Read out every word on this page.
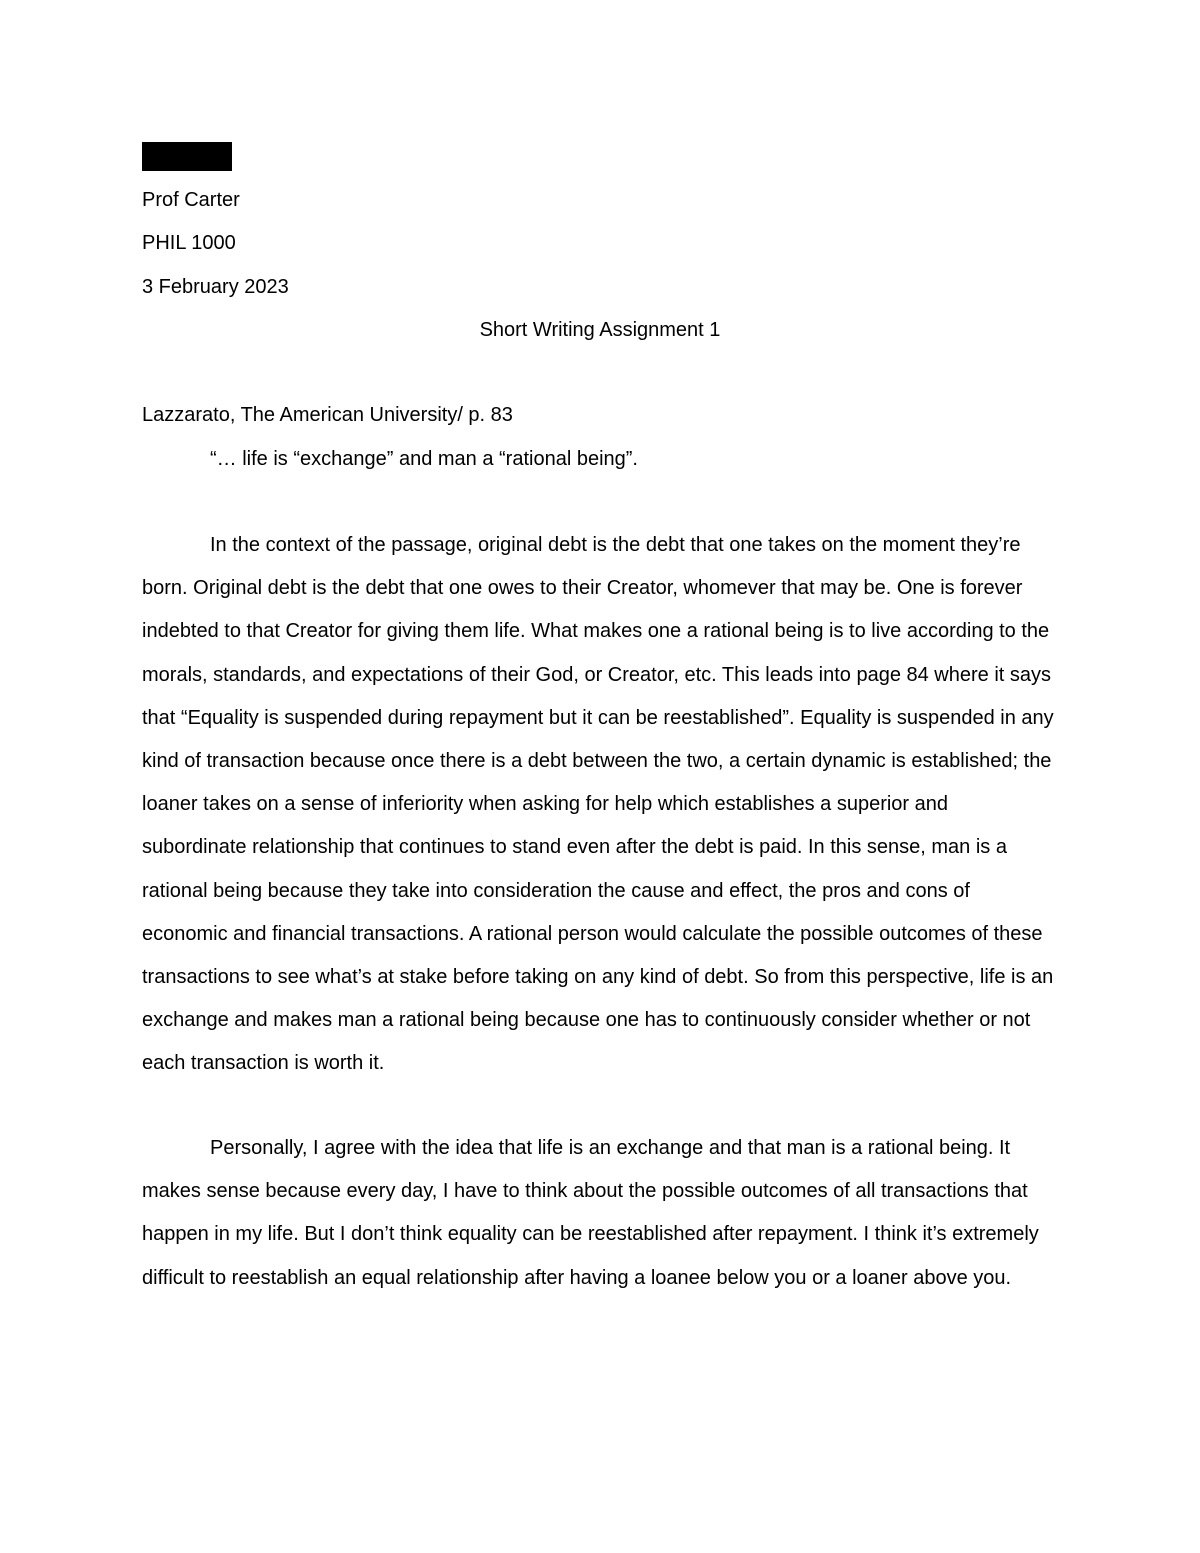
Prof Carter
PHIL 1000
3 February 2023
Short Writing Assignment 1
Lazzarato, The American University/ p. 83
“… life is “exchange” and man a “rational being”.
In the context of the passage, original debt is the debt that one takes on the moment they’re born. Original debt is the debt that one owes to their Creator, whomever that may be. One is forever indebted to that Creator for giving them life. What makes one a rational being is to live according to the morals, standards, and expectations of their God, or Creator, etc. This leads into page 84 where it says that “Equality is suspended during repayment but it can be reestablished”. Equality is suspended in any kind of transaction because once there is a debt between the two, a certain dynamic is established; the loaner takes on a sense of inferiority when asking for help which establishes a superior and subordinate relationship that continues to stand even after the debt is paid. In this sense, man is a rational being because they take into consideration the cause and effect, the pros and cons of economic and financial transactions. A rational person would calculate the possible outcomes of these transactions to see what’s at stake before taking on any kind of debt. So from this perspective, life is an exchange and makes man a rational being because one has to continuously consider whether or not each transaction is worth it.
Personally, I agree with the idea that life is an exchange and that man is a rational being. It makes sense because every day, I have to think about the possible outcomes of all transactions that happen in my life. But I don’t think equality can be reestablished after repayment. I think it’s extremely difficult to reestablish an equal relationship after having a loanee below you or a loaner above you.
